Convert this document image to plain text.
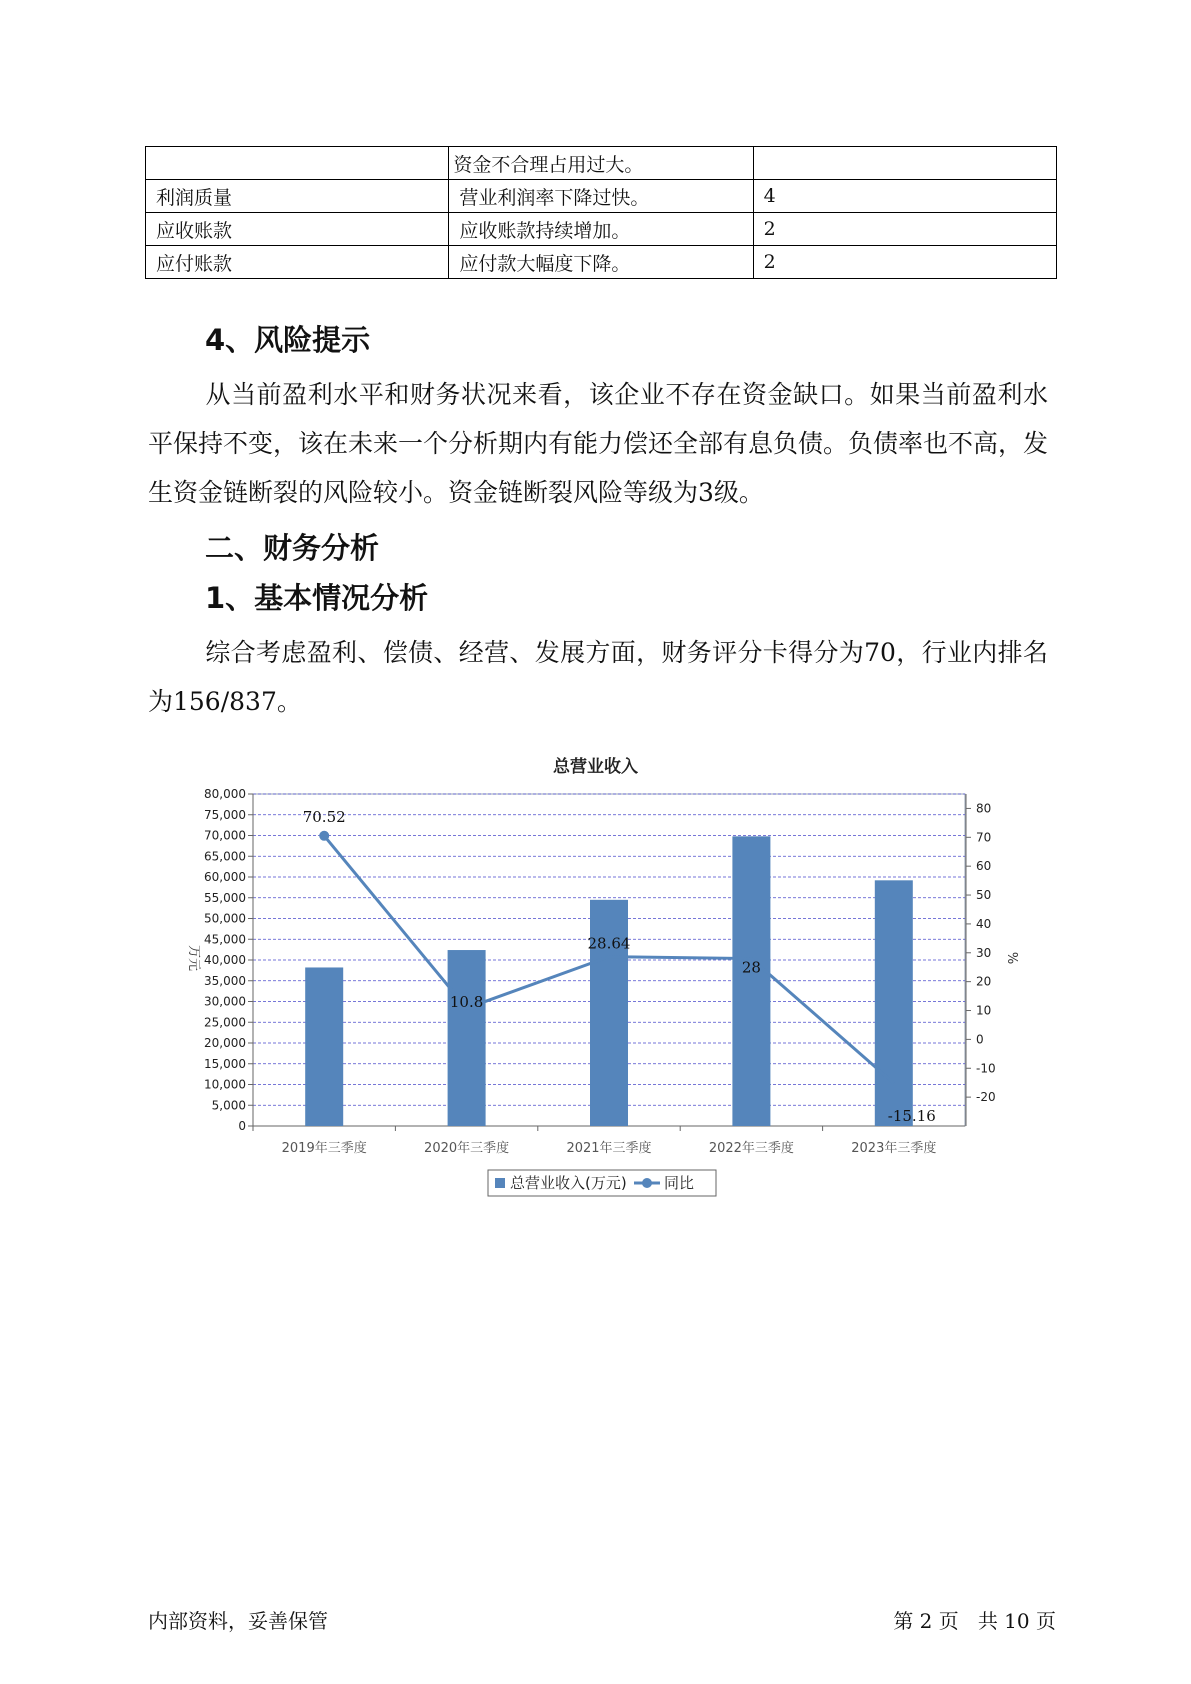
	资金不合理占用过大。	
利润质量	营业利润率下降过快。	4
应收账款	应收账款持续增加。	2
应付账款	应付款大幅度下降。	2
4、风险提示

从当前盈利水平和财务状况来看，该企业不存在资金缺口。如果当前盈利水平保持不变，该在未来一个分析期内有能力偿还全部有息负债。负债率也不高，发生资金链断裂的风险较小。资金链断裂风险等级为3级。

二、财务分析
1、基本情况分析

综合考虑盈利、偿债、经营、发展方面，财务评分卡得分为70，行业内排名为156/837。

总营业收入
0
5,000
10,000
15,000
20,000
25,000
30,000
35,000
40,000
45,000
50,000
55,000
60,000
65,000
70,000
75,000
80,000
-20
-10
0
10
20
30
40
50
60
70
80
万元	%
2019年三季度	2020年三季度	2021年三季度	2022年三季度	2023年三季度
70.52
10.8
28.64
28
-15.16
总营业收入(万元) 同比
内部资料，妥善保管	第 2 页   共 10 页
